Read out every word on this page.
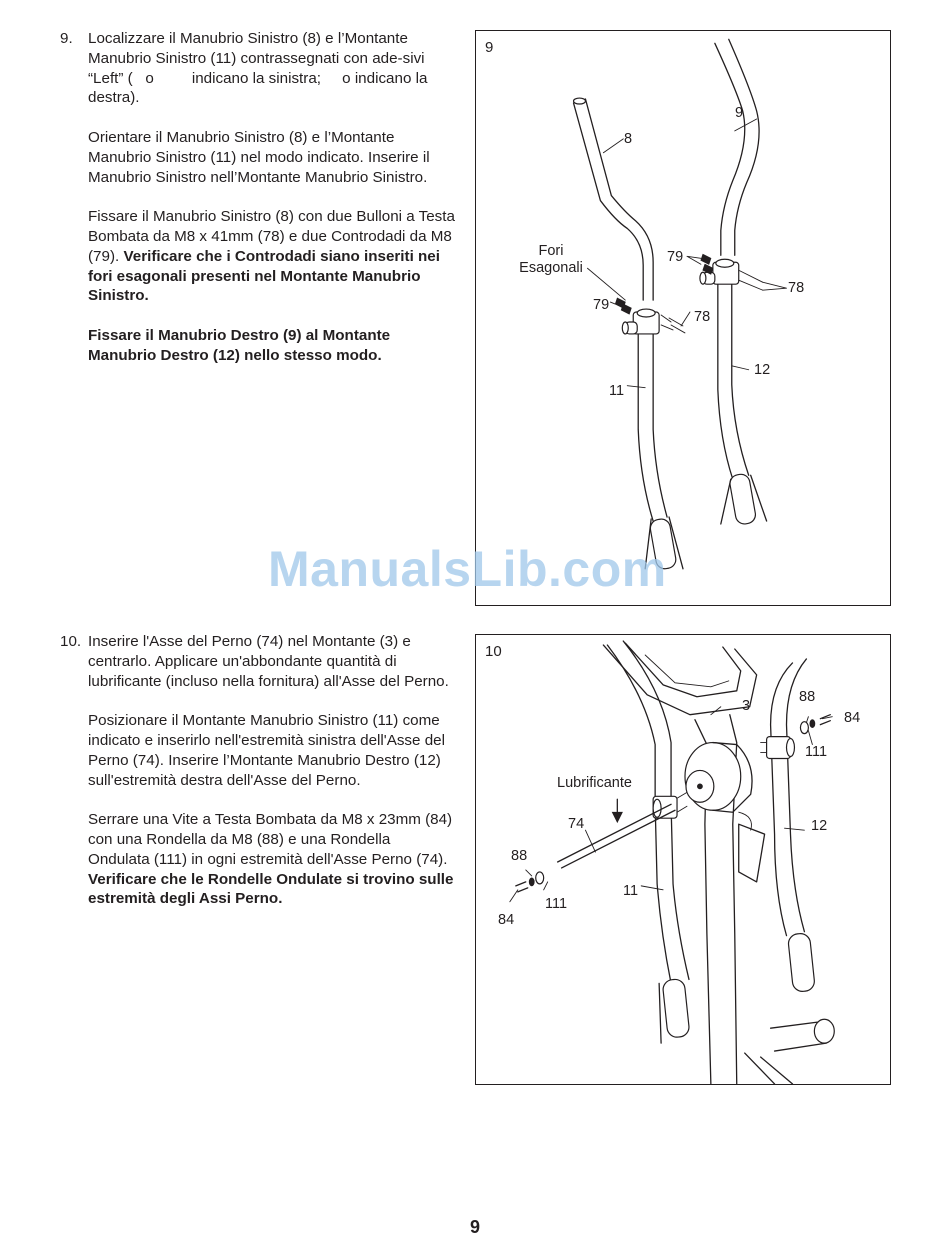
9. Localizzare il Manubrio Sinistro (8) e l’Montante Manubrio Sinistro (11) contrassegnati con ade-sivi “Left” ( o indicano la sinistra; o indicano la destra).

Orientare il Manubrio Sinistro (8) e l’Montante Manubrio Sinistro (11) nel modo indicato. Inserire il Manubrio Sinistro nell’Montante Manubrio Sinistro.

Fissare il Manubrio Sinistro (8) con due Bulloni a Testa Bombata da M8 x 41mm (78) e due Controdadi da M8 (79). Verificare che i Controdadi siano inseriti nei fori esagonali presenti nel Montante Manubrio Sinistro.

Fissare il Manubrio Destro (9) al Montante Manubrio Destro (12) nello stesso modo.

10. Inserire l'Asse del Perno (74) nel Montante (3) e centrarlo. Applicare un'abbondante quantità di lubrificante (incluso nella fornitura) all'Asse del Perno.

Posizionare il Montante Manubrio Sinistro (11) come indicato e inserirlo nell'estremità sinistra dell'Asse del Perno (74). Inserire l’Montante Manubrio Destro (12) sull'estremità destra dell'Asse del Perno.

Serrare una Vite a Testa Bombata da M8 x 23mm (84) con una Rondella da M8 (88) e una Rondella Ondulata (111) in ogni estremità dell'Asse Perno (74). Verificare che le Rondelle Ondulate si trovino sulle estremità degli Assi Perno.

9
8
9
Fori
Esagonali
79
79
78
78
12
11
10
88
84
3
111
Lubrificante
74	12
88
111
11
84
ManualsLib.com
9
